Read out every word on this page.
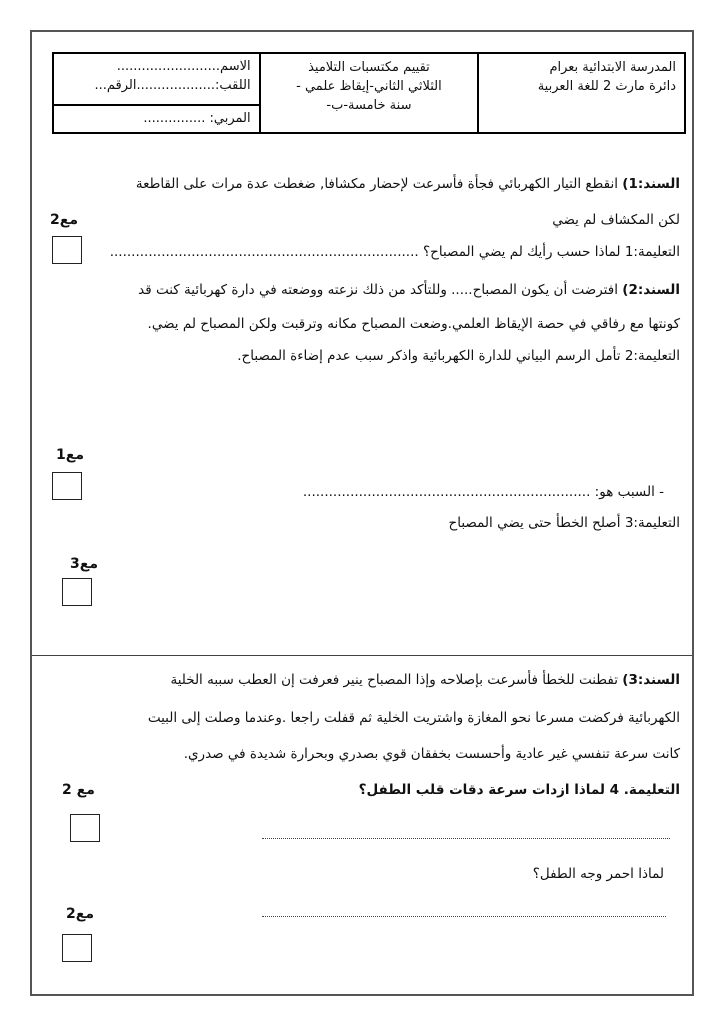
الاسم.........................
اللقب:...................الرقم...
المربي: ...............
تقييم مكتسبات التلاميذ
الثلاثي الثاني-إيقاظ علمي -
سنة خامسة-ب-
المدرسة الابتدائية بعرام
دائرة مارث 2 للغة العربية
السند:1) انقطع التيار الكهربائي فجأة فأسرعت لإحضار مكشافا, ضغطت عدة مرات على القاطعة
لكن المكشاف لم يضي
مع2
التعليمة:1 لماذا حسب رأيك لم يضي المصباح؟ ........................................................................
السند:2) افترضت أن يكون المصباح..... وللتأكد من ذلك نزعته ووضعته في دارة كهربائية كنت قد
كونتها مع رفاقي في حصة الإيقاظ العلمي.وضعت المصباح مكانه وترقبت ولكن المصباح لم يضي.
التعليمة:2 تأمل الرسم البياني للدارة الكهربائية واذكر سبب عدم إضاءة المصباح.
مع1
- السبب هو: ...................................................................
التعليمة:3 أصلح الخطأ حتى يضي المصباح
مع3
السند:3) تفطنت للخطأ فأسرعت بإصلاحه وإذا المصباح ينير فعرفت إن العطب سببه الخلية
الكهربائية فركضت مسرعا نحو المغازة واشتريت الخلية ثم قفلت راجعا .وعندما وصلت إلى البيت
كانت سرعة تنفسي غير عادية وأحسست بخفقان قوي بصدري وبحرارة شديدة في صدري.
التعليمة. 4 لماذا ازدات سرعة دقات قلب الطفل؟
مع 2
لماذا احمر وجه الطفل؟
مع2
